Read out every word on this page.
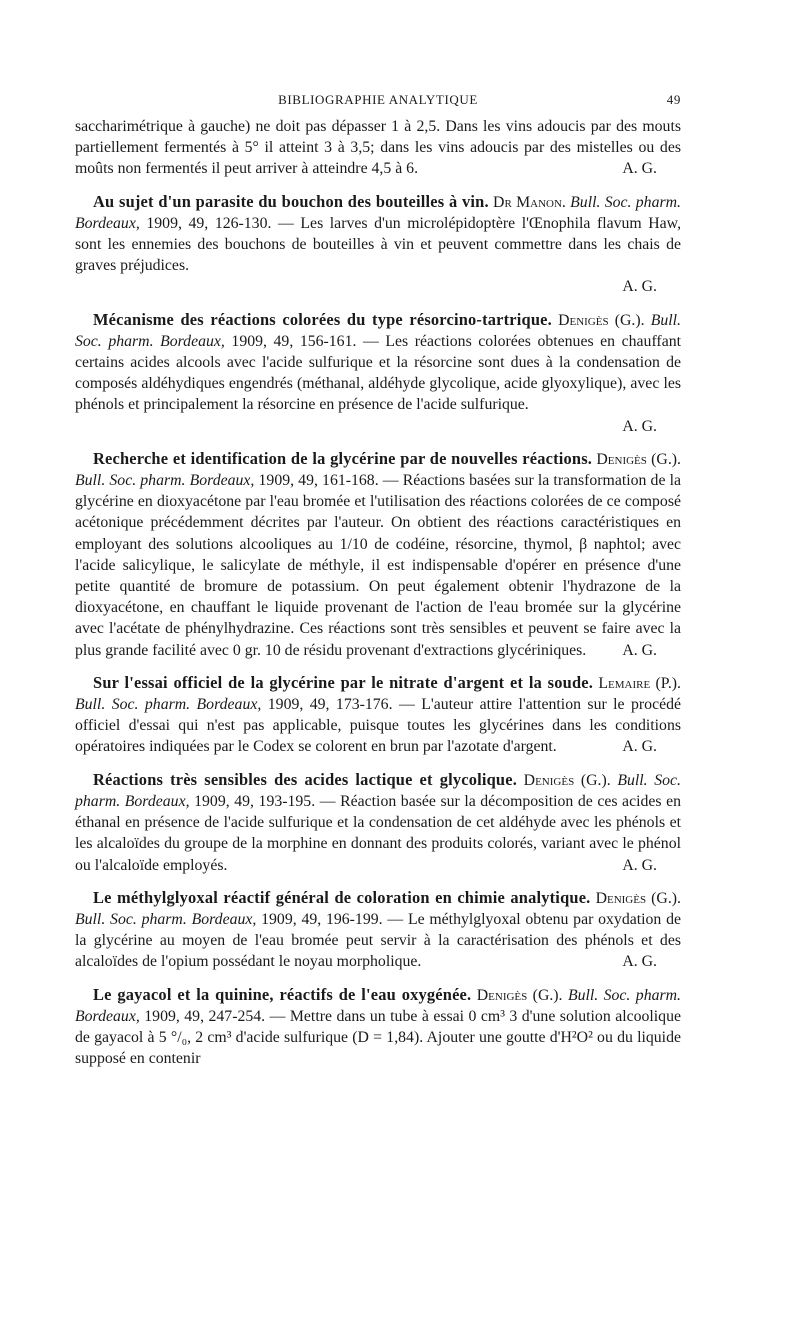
BIBLIOGRAPHIE ANALYTIQUE	49

saccharimétrique à gauche) ne doit pas dépasser 1 à 2,5. Dans les vins adoucis par des mouts partiellement fermentés à 5° il atteint 3 à 3,5; dans les vins adoucis par des mistelles ou des moûts non fermentés il peut arriver à atteindre 4,5 à 6.	A. G.

Au sujet d'un parasite du bouchon des bouteilles à vin. Dr Manon. Bull. Soc. pharm. Bordeaux, 1909, 49, 126-130. — Les larves d'un microlépidoptère l'Œnophila flavum Haw, sont les ennemies des bouchons de bouteilles à vin et peuvent commettre dans les chais de graves préjudices.

A. G.

Mécanisme des réactions colorées du type résorcino-tartrique. Denigès (G.). Bull. Soc. pharm. Bordeaux, 1909, 49, 156-161. — Les réactions colorées obtenues en chauffant certains acides alcools avec l'acide sulfurique et la résorcine sont dues à la condensation de composés aldéhydiques engendrés (méthanal, aldéhyde glycolique, acide glyoxylique), avec les phénols et principalement la résorcine en présence de l'acide sulfurique.

A. G.

Recherche et identification de la glycérine par de nouvelles réactions. Denigès (G.). Bull. Soc. pharm. Bordeaux, 1909, 49, 161-168. — Réactions basées sur la transformation de la glycérine en dioxyacétone par l'eau bromée et l'utilisation des réactions colorées de ce composé acétonique précédemment décrites par l'auteur. On obtient des réactions caractéristiques en employant des solutions alcooliques au 1/10 de codéine, résorcine, thymol, β naphtol; avec l'acide salicylique, le salicylate de méthyle, il est indispensable d'opérer en présence d'une petite quantité de bromure de potassium. On peut également obtenir l'hydrazone de la dioxyacétone, en chauffant le liquide provenant de l'action de l'eau bromée sur la glycérine avec l'acétate de phénylhydrazine. Ces réactions sont très sensibles et peuvent se faire avec la plus grande facilité avec 0 gr. 10 de résidu provenant d'extractions glycériniques.	A. G.

Sur l'essai officiel de la glycérine par le nitrate d'argent et la soude. Lemaire (P.). Bull. Soc. pharm. Bordeaux, 1909, 49, 173-176. — L'auteur attire l'attention sur le procédé officiel d'essai qui n'est pas applicable, puisque toutes les glycérines dans les conditions opératoires indiquées par le Codex se colorent en brun par l'azotate d'argent.	A. G.

Réactions très sensibles des acides lactique et glycolique. Denigès (G.). Bull. Soc. pharm. Bordeaux, 1909, 49, 193-195. — Réaction basée sur la décomposition de ces acides en éthanal en présence de l'acide sulfurique et la condensation de cet aldéhyde avec les phénols et les alcaloïdes du groupe de la morphine en donnant des produits colorés, variant avec le phénol ou l'alcaloïde employés.	A. G.

Le méthylglyoxal réactif général de coloration en chimie analytique. Denigès (G.). Bull. Soc. pharm. Bordeaux, 1909, 49, 196-199. — Le méthylglyoxal obtenu par oxydation de la glycérine au moyen de l'eau bromée peut servir à la caractérisation des phénols et des alcaloïdes de l'opium possédant le noyau morpholique.	A. G.

Le gayacol et la quinine, réactifs de l'eau oxygénée. Denigès (G.). Bull. Soc. pharm. Bordeaux, 1909, 49, 247-254. — Mettre dans un tube à essai 0 cm³ 3 d'une solution alcoolique de gayacol à 5 °/₀, 2 cm³ d'acide sulfurique (D = 1,84). Ajouter une goutte d'H²O² ou du liquide supposé en contenir
